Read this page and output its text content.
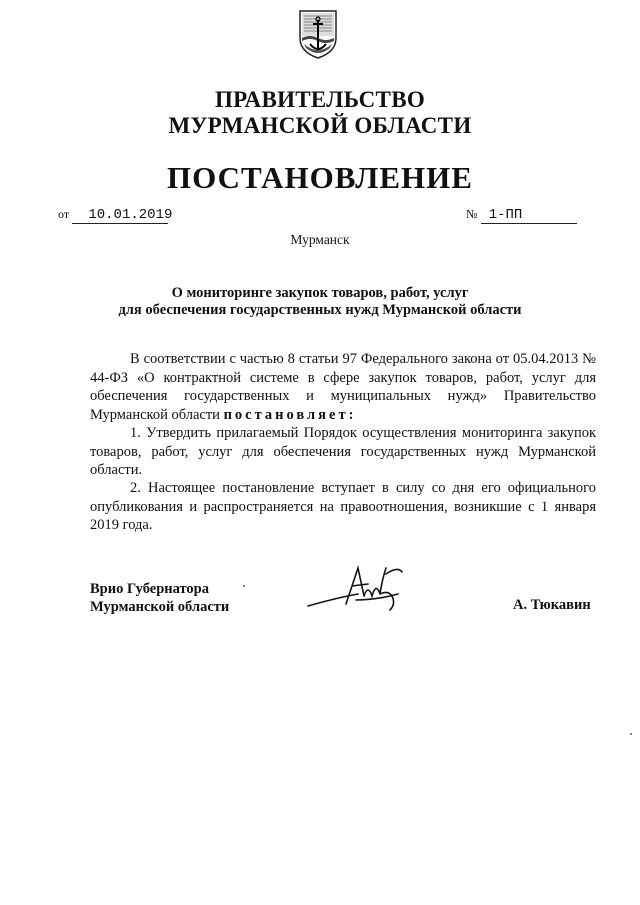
ПРАВИТЕЛЬСТВО
МУРМАНСКОЙ ОБЛАСТИ
ПОСТАНОВЛЕНИЕ
от 10.01.2019	№ 1-ПП
Мурманск
О мониторинге закупок товаров, работ, услуг
для обеспечения государственных нужд Мурманской области
В соответствии с частью 8 статьи 97 Федерального закона от 05.04.2013 № 44-ФЗ «О контрактной системе в сфере закупок товаров, работ, услуг для обеспечения государственных и муниципальных нужд» Правительство Мурманской области постановляет:
1. Утвердить прилагаемый Порядок осуществления мониторинга закупок товаров, работ, услуг для обеспечения государственных нужд Мурманской области.
2. Настоящее постановление вступает в силу со дня его официального опубликования и распространяется на правоотношения, возникшие с 1 января 2019 года.
Врио Губернатора
Мурманской области	А. Тюкавин
